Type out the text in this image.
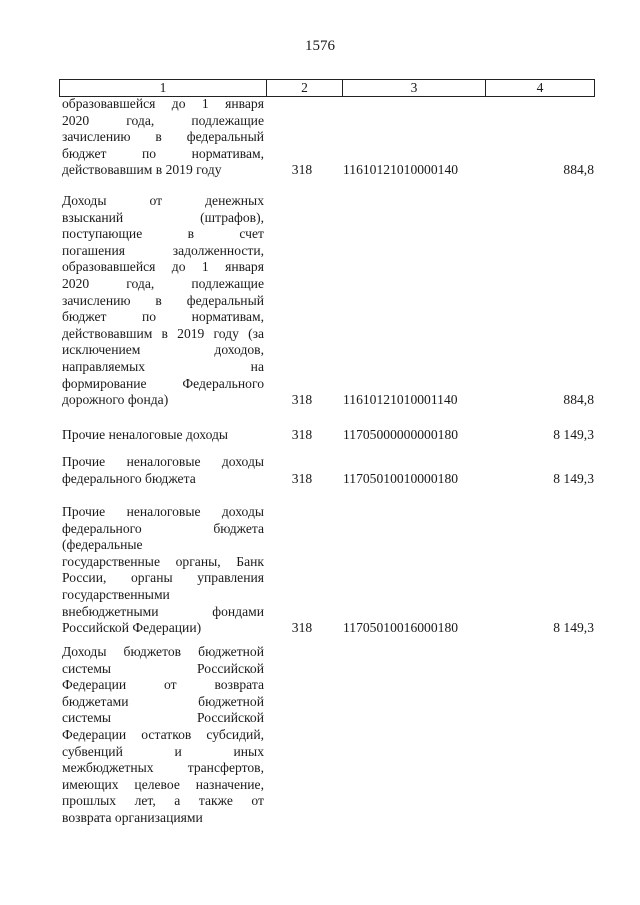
1576
1	2	3	4
образовавшейся до 1 января
2020 года, подлежащие
зачислению в федеральный
бюджет по нормативам,
действовавшим в 2019 году	318	11610121010000140	884,8
Доходы от денежных
взысканий (штрафов),
поступающие в счет
погашения задолженности,
образовавшейся до 1 января
2020 года, подлежащие
зачислению в федеральный
бюджет по нормативам,
действовавшим в 2019 году (за
исключением доходов,
направляемых на
формирование Федерального
дорожного фонда)	318	11610121010001140	884,8
Прочие неналоговые доходы	318	11705000000000180	8 149,3
Прочие неналоговые доходы
федерального бюджета	318	11705010010000180	8 149,3
Прочие неналоговые доходы
федерального бюджета
(федеральные
государственные органы, Банк
России, органы управления
государственными
внебюджетными фондами
Российской Федерации)	318	11705010016000180	8 149,3
Доходы бюджетов бюджетной
системы Российской
Федерации от возврата
бюджетами бюджетной
системы Российской
Федерации остатков субсидий,
субвенций и иных
межбюджетных трансфертов,
имеющих целевое назначение,
прошлых лет, а также от
возврата организациями
